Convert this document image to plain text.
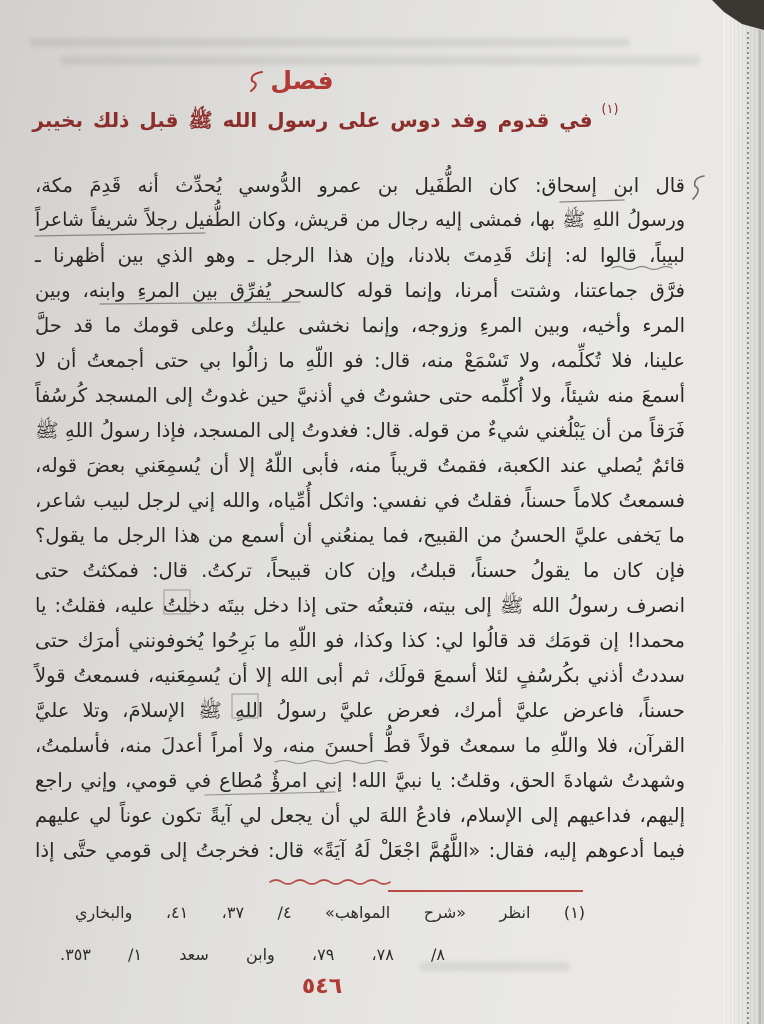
فصل
في قدوم وفد دوس على رسول الله ﷺ قبل ذلك بخيبر (١)
قال ابن إسحاق: كان الطُّفَيل بن عمرو الدُّوسي يُحدِّث أنه قَدِمَ مكة،
ورسولُ اللهِ ﷺ بها، فمشى إليه رجال من قريش، وكان الطُّفيل رجلاً شريفاً شاعراً
لبيباً، قالوا له: إنك قَدِمتَ بلادنا، وإن هذا الرجل ـ وهو الذي بين أظهرنا ـ
فرَّق جماعتنا، وشتت أمرنا، وإنما قوله كالسحر يُفرِّق بين المرءِ وابنه، وبين
المرء وأخيه، وبين المرءِ وزوجه، وإنما نخشى عليك وعلى قومك ما قد حلَّ
علينا، فلا تُكلِّمه، ولا تَسْمَعْ منه، قال: فو اللّهِ ما زالُوا بي حتى أجمعتُ أن لا
أسمعَ منه شيئاً، ولا أُكلِّمه حتى حشوتُ في أذنيَّ حين غدوتُ إلى المسجد كُرسُفاً
فَرَقاً من أن يَبْلُغني شيءٌ من قوله. قال: فغدوتُ إلى المسجد، فإذا رسولُ اللهِ ﷺ
قائمٌ يُصلي عند الكعبة، فقمتُ قريباً منه، فأبى اللّهُ إلا أن يُسمِعَني بعضَ قوله،
فسمعتُ كلاماً حسناً، فقلتُ في نفسي: واثكل أُمِّياه، والله إني لرجل لبيب شاعر،
ما يَخفى عليَّ الحسنُ من القبيح، فما يمنعُني أن أسمع من هذا الرجل ما يقول؟
فإن كان ما يقولُ حسناً، قبلتُ، وإن كان قبيحاً، تركتُ. قال: فمكثتُ حتى
انصرف رسولُ الله ﷺ إلى بيته، فتبعتُه حتى إذا دخل بيتَه دخلتُ عليه، فقلتُ: يا
محمدا! إن قومَك قد قالُوا لي: كذا وكذا، فو اللّهِ ما بَرِحُوا يُخوفونني أمرَك حتى
سددتُ أذني بكُرسُفٍ لئلا أسمعَ قولَك، ثم أبى الله إلا أن يُسمِعَنيه، فسمعتُ قولاً
حسناً، فاعرض عليَّ أمرك، فعرض عليَّ رسولُ اللهِ ﷺ الإسلامَ، وتلا عليَّ
القرآن، فلا واللّهِ ما سمعتُ قولاً قطُّ أحسنَ منه، ولا أمراً أعدلَ منه، فأسلمتُ،
وشهدتُ شهادةَ الحق، وقلتُ: يا نبيَّ الله! إني امرؤٌ مُطاع في قومي، وإني راجع
إليهم، فداعيهم إلى الإسلام، فادعُ اللهَ لي أن يجعل لي آيةً تكون عوناً لي عليهم
فيما أدعوهم إليه، فقال: «اللَّهُمَّ اجْعَلْ لَهُ آيَةً» قال: فخرجتُ إلى قومي حتَّى إذا
(١) انظر «شرح المواهب» ٤/ ٣٧، ٤١، والبخاري
٨/ ٧٨، ٧٩، وابن سعد ١/ ٣٥٣.
٥٤٦
